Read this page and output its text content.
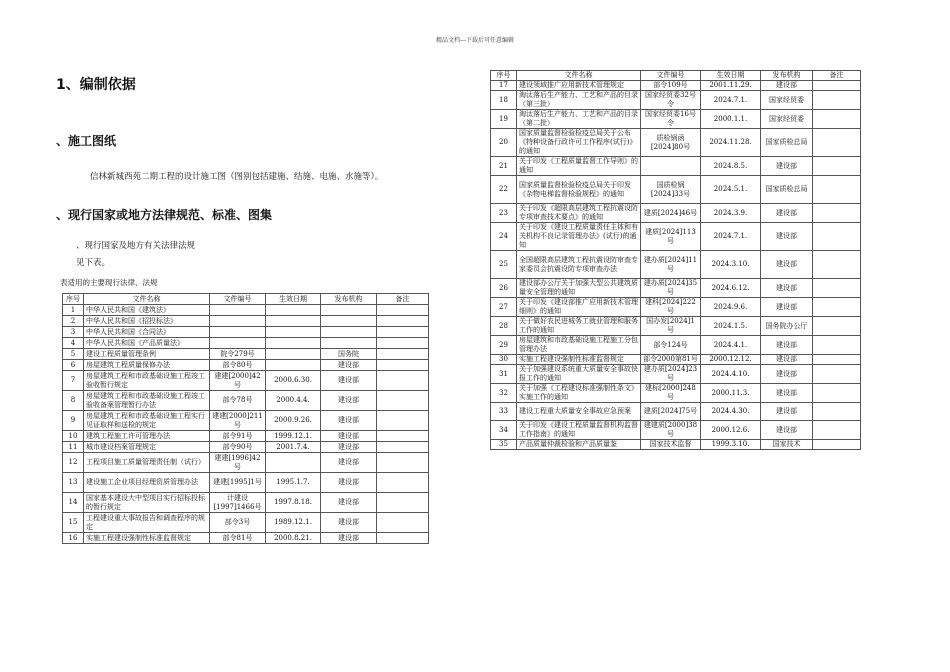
精品文档---下载后可任意编辑
1、编制依据
、施工图纸
信林新城西苑二期工程的设计施工图（图别包括建施、结施、电施、水施等）。
、现行国家或地方法律规范、标准、图集
、现行国家及地方有关法律法规
见下表。
表适用的主要现行法律、法规
序号	文件名称	文件编号	生效日期	发布机构	备注
1	中华人民共和国《建筑法》				
2	中华人民共和国《招投标法》				
3	中华人民共和国《合同法》				
4	中华人民共和国《产品质量法》				
5	建设工程质量管理条例	院令279号		国务院	
6	房屋建筑工程质量保修办法	部令80号		建设部	
7	房屋建筑工程和市政基础设施工程竣工验收暂行规定	建建[2000]42号	2000.6.30.	建设部	
8	房屋建筑工程和市政基础设施工程竣工验收备案管理暂行办法	部令78号	2000.4.4.	建设部	
9	房屋建筑工程和市政基础设施工程实行见证取样和送检的规定	建建[2000]211号	2000.9.26.	建设部	
10	建筑工程施工许可管理办法	部令91号	1999.12.1.	建设部	
11	城市建设档案管理规定	部令90号	2001.7.4.	建设部	
12	工程项目施工质量管理责任制（试行）	建建[1996]42号		建设部	
13	建设施工企业项目经理资质管理办法	建建[1995]1号	1995.1.7.	建设部	
14	国家基本建设大中型项目实行招标投标的暂行规定	计建设[1997]1466号	1997.8.18.	建设部	
15	工程建设重大事故报告和调查程序的规定	部令3号	1989.12.1.	建设部	
16	实施工程建设强制性标准监督规定	部令81号	2000.8.21.	建设部	
序号	文件名称	文件编号	生效日期	发布机构	备注
17	建设领域推广应用新技术管理规定	部令109号	2001.11.29.	建设部	
18	淘汰落后生产能力、工艺和产品的目录（第三批）	国家经贸委32号令	2024.7.1.	国家经贸委	
19	淘汰落后生产能力、工艺和产品的目录（第二批）	国家经贸委16号令	2000.1.1.	国家经贸委	
20	国家质量监督检验检疫总局关于公布《特种设备行政许可工作程序(试行)》的通知	质检锅函[2024]80号	2024.11.28.	国家质检总局	
21	关于印发《工程质量监督工作导则》的通知		2024.8.5.	建设部	
22	国家质量监督检验检疫总局关于印发《杂物电梯监督检验规程》的通知	国质检锅[2024]33号	2024.5.1.	国家质检总局	
23	关于印发《超限高层建筑工程抗震设防专项审查技术要点》的通知	建质[2024]46号	2024.3.9.	建设部	
24	关于印发《建设工程质量责任主体和有关机构不良记录管理办法》(试行)的通知	建质[2024]113号	2024.7.1.	建设部	
25	全国超限高层建筑工程抗震设防审查专家委员会抗震设防专项审查办法	建办质[2024]11号	2024.3.10.	建设部	
26	建设部办公厅关于加强大型公共建筑质量安全管理的通知	建办质[2024]35号	2024.6.12.	建设部	
27	关于印发《建设部推广应用新技术管理细则》的通知	建科[2024]222号	2024.9.6.	建设部	
28	关于做好农民进城务工就业管理和服务工作的通知	国办发[2024]1号	2024.1.5.	国务院办公厅	
29	房屋建筑和市政基础设施工程施工分包管理办法	部令124号	2024.4.1.	建设部	
30	实施工程建设强制性标准监督规定	部令2000第81号	2000.12.12.	建设部	
31	关于加强建设系统重大质量安全事故快报工作的通知	建办质[2024]23号	2024.4.10.	建设部	
32	关于加强《工程建设标准强制性条文》实施工作的通知	建标[2000]248号	2000.11.3.	建设部	
33	建设工程重大质量安全事故应急预案	建质[2024]75号	2024.4.30.	建设部	
34	关于印发《建设工程质量监督机构监督工作指南》的通知	建建质[2000]38号	2000.12.6.	建设部	
35	产品质量仲裁检验和产品质量鉴	国家技术监督	1999.3.10.	国家技术	
